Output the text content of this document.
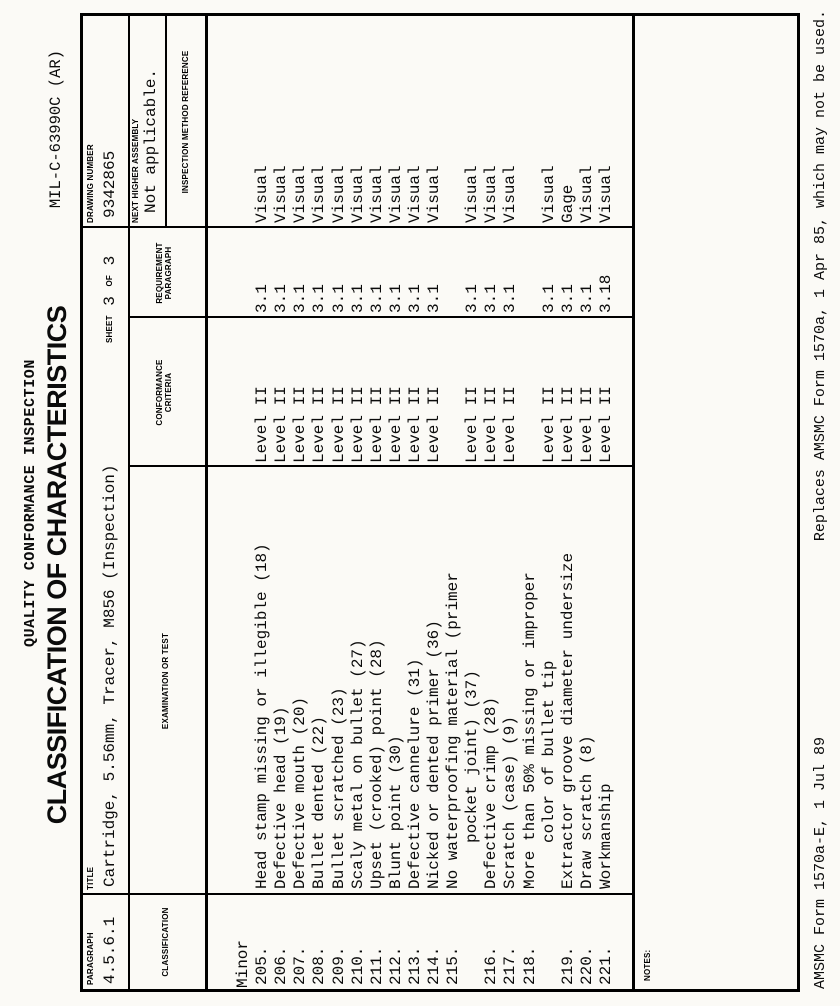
QUALITY CONFORMANCE INSPECTION CLASSIFICATION OF CHARACTERISTICS
MIL-C-63990C (AR)
PARAGRAPH 4.5.6.1
TITLE Cartridge, 5.56mm, Tracer, M856 (Inspection)
SHEET 3 OF 3
DRAWING NUMBER 9342865
CLASSIFICATION
EXAMINATION OR TEST
CONFORMANCE CRITERIA
REQUIREMENT PARAGRAPH
NEXT HIGHER ASSEMBLY Not applicable.	INSPECTION METHOD REFERENCE
Minor 205.
Head stamp missing or illegible (18)
Level II
3.1
Visual
206.
Defective head (19)
Level II
3.1
Visual
207.
Defective mouth (20)
Level II
3.1
Visual
208.
Bullet dented (22)
Level II
3.1
Visual
209.
Bullet scratched (23)
Level II
3.1
Visual
210.
Scaly metal on bullet (27)
Level II
3.1
Visual
211.
Upset (crooked) point (28)
Level II
3.1
Visual
212.
Blunt point (30)
Level II
3.1
Visual
213.
Defective cannelure (31)
Level II
3.1
Visual
214.
Nicked or dented primer (36)
Level II
3.1
Visual
215.
No waterproofing material (primer pocket joint) (37)
Level II
3.1
Visual
216.
Defective crimp (28)
Level II
3.1
Visual
217.
Scratch (case) (9)
Level II
3.1
Visual
218.
More than 50% missing or improper color of bullet tip
Level II
3.1
Visual
219.
Extractor groove diameter undersize
Level II
3.1
Gage
220.
Draw scratch (8)
Level II
3.1
Visual
221.
Workmanship
Level II
3.18
Visual
NOTES:	AMSMC Form 1570a-E, 1 Jul 89
Replaces AMSMC Form 1570a, 1 Apr 85, which may not be used.
